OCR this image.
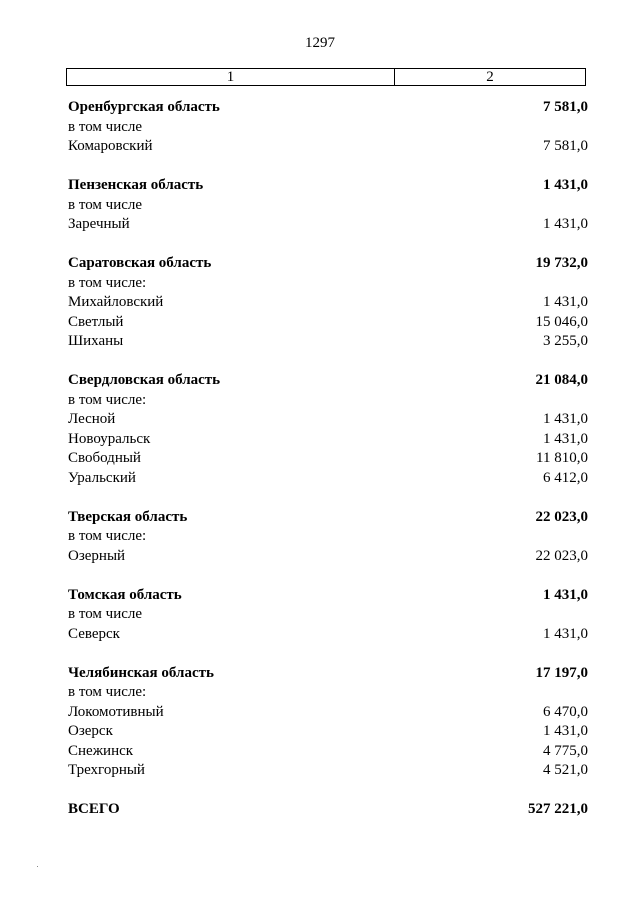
1297
1	2
Оренбургская область	7 581,0
в том числе
Комаровский	7 581,0
Пензенская область	1 431,0
в том числе
Заречный	1 431,0
Саратовская область	19 732,0
в том числе:
Михайловский	1 431,0
Светлый	15 046,0
Шиханы	3 255,0
Свердловская область	21 084,0
в том числе:
Лесной	1 431,0
Новоуральск	1 431,0
Свободный	11 810,0
Уральский	6 412,0
Тверская область	22 023,0
в том числе:
Озерный	22 023,0
Томская область	1 431,0
в том числе
Северск	1 431,0
Челябинская область	17 197,0
в том числе:
Локомотивный	6 470,0
Озерск	1 431,0
Снежинск	4 775,0
Трехгорный	4 521,0
ВСЕГО	527 221,0
